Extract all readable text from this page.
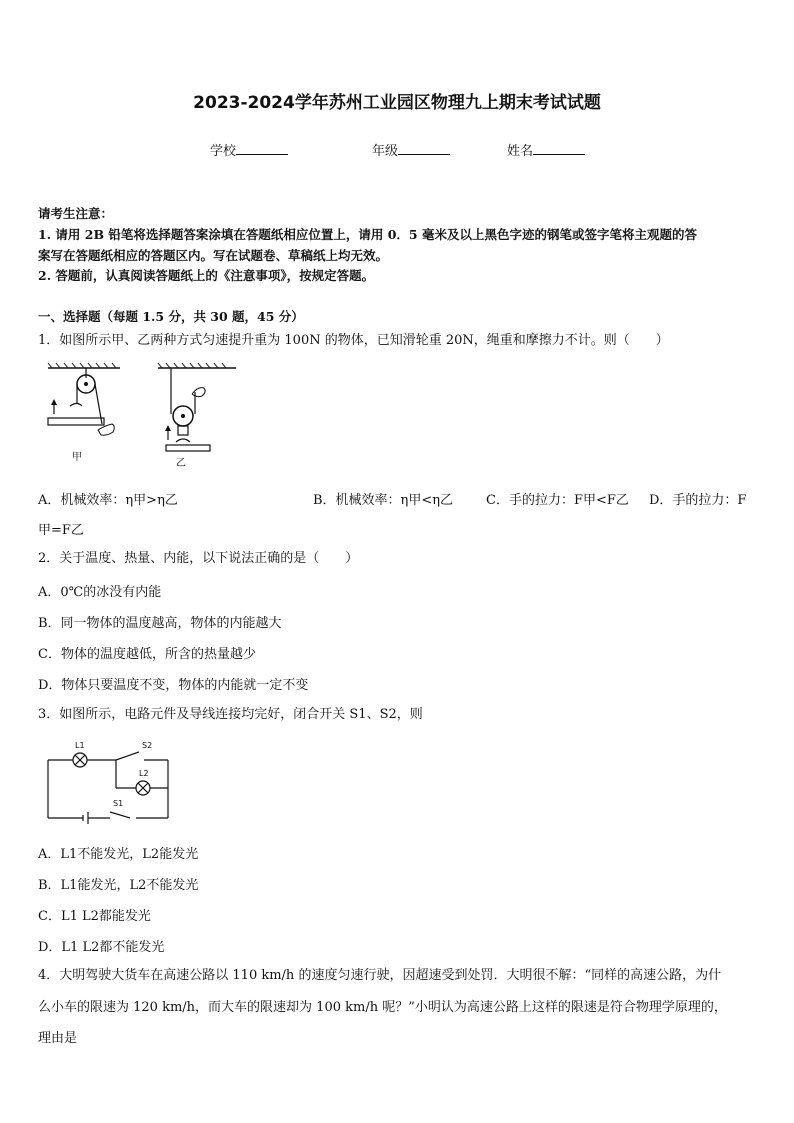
2023-2024学年苏州工业园区物理九上期末考试试题
学校	年级	姓名
请考生注意：
1. 请用 2B 铅笔将选择题答案涂填在答题纸相应位置上，请用 0．5 毫米及以上黑色字迹的钢笔或签字笔将主观题的答
案写在答题纸相应的答题区内。写在试题卷、草稿纸上均无效。
2. 答题前，认真阅读答题纸上的《注意事项》，按规定答题。
一、选择题（每题 1.5 分，共 30 题，45 分）
1．如图所示甲、乙两种方式匀速提升重为 100N 的物体，已知滑轮重 20N，绳重和摩擦力不计。则（　　）
甲
乙
A．机械效率：η甲>η乙	B．机械效率：η甲<η乙	C．手的拉力：F甲<F乙 D．手的拉力：F
甲=F乙
2．关于温度、热量、内能，以下说法正确的是（　　）
A．0℃的冰没有内能
B．同一物体的温度越高，物体的内能越大
C．物体的温度越低，所含的热量越少
D．物体只要温度不变，物体的内能就一定不变
3．如图所示，电路元件及导线连接均完好，闭合开关 S1、S2，则
L1	S2
L2
S1
A．L1不能发光，L2能发光
B．L1能发光，L2不能发光
C．L1 L2都能发光
D．L1 L2都不能发光
4．大明驾驶大货车在高速公路以 110 km/h 的速度匀速行驶，因超速受到处罚．大明很不解：“同样的高速公路，为什
么小车的限速为 120 km/h，而大车的限速却为 100 km/h 呢？”小明认为高速公路上这样的限速是符合物理学原理的，
理由是
